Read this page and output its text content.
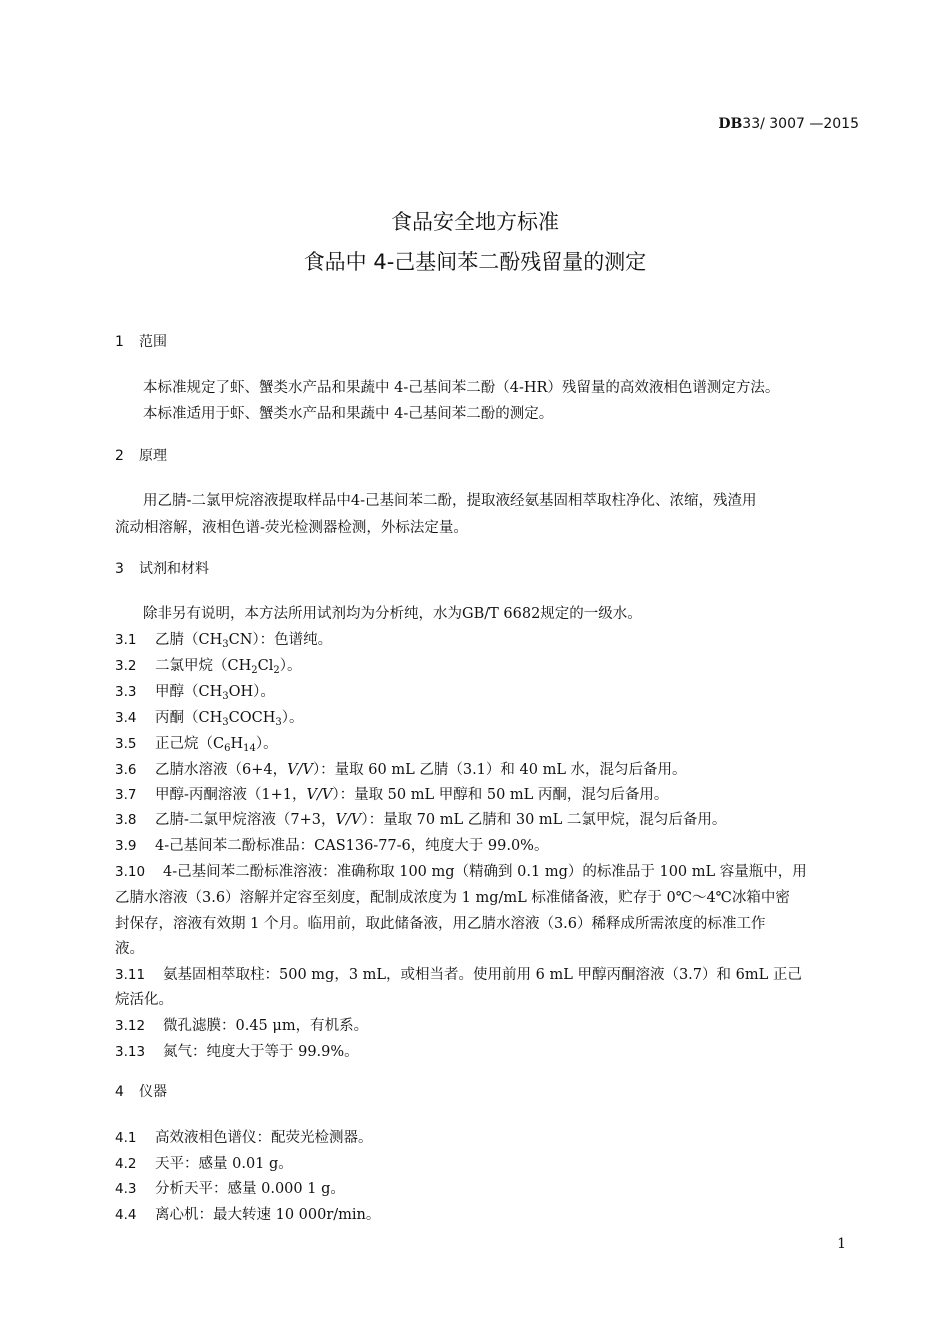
DB33/ 3007 —2015
食品安全地方标准
食品中 4-己基间苯二酚残留量的测定
1 范围
本标准规定了虾、蟹类水产品和果蔬中 4-己基间苯二酚（4-HR）残留量的高效液相色谱测定方法。
本标准适用于虾、蟹类水产品和果蔬中 4-己基间苯二酚的测定。
2 原理
用乙腈-二氯甲烷溶液提取样品中4-己基间苯二酚，提取液经氨基固相萃取柱净化、浓缩，残渣用
流动相溶解，液相色谱-荧光检测器检测，外标法定量。
3 试剂和材料
除非另有说明，本方法所用试剂均为分析纯，水为GB/T 6682规定的一级水。
3.1 乙腈$(CH_3CN)$：色谱纯。
3.2 二氯甲烷$(CH_2Cl_2)$。
3.3 甲醇$(CH_3OH)$。
3.4 丙酮$(CH_3COCH_3)$。
3.5 正己烷$(C_6H_{14})$。
3.6 乙腈水溶液（6+4，V/V）：量取 60 mL 乙腈（3.1）和 40 mL 水，混匀后备用。
3.7 甲醇-丙酮溶液（1+1，V/V）：量取 50 mL 甲醇和 50 mL 丙酮，混匀后备用。
3.8 乙腈-二氯甲烷溶液（7+3，V/V）：量取 70 mL 乙腈和 30 mL 二氯甲烷，混匀后备用。
3.9 4-己基间苯二酚标准品：CAS136-77-6，纯度大于 99.0%。
3.10 4-己基间苯二酚标准溶液：准确称取 100 mg（精确到 0.1 mg）的标准品于 100 mL 容量瓶中，用
乙腈水溶液（3.6）溶解并定容至刻度，配制成浓度为 1 mg/mL 标准储备液，贮存于 0℃～4℃冰箱中密
封保存，溶液有效期 1 个月。临用前，取此储备液，用乙腈水溶液（3.6）稀释成所需浓度的标准工作
液。
3.11 氨基固相萃取柱：500 mg，3 mL，或相当者。使用前用 6 mL 甲醇丙酮溶液（3.7）和 6mL 正己
烷活化。
3.12 微孔滤膜：0.45 μm，有机系。
3.13 氮气：纯度大于等于 99.9%。
4 仪器
4.1 高效液相色谱仪：配荧光检测器。
4.2 天平：感量 0.01 g。
4.3 分析天平：感量 0.000 1 g。
4.4 离心机：最大转速 10 000r/min。
1
